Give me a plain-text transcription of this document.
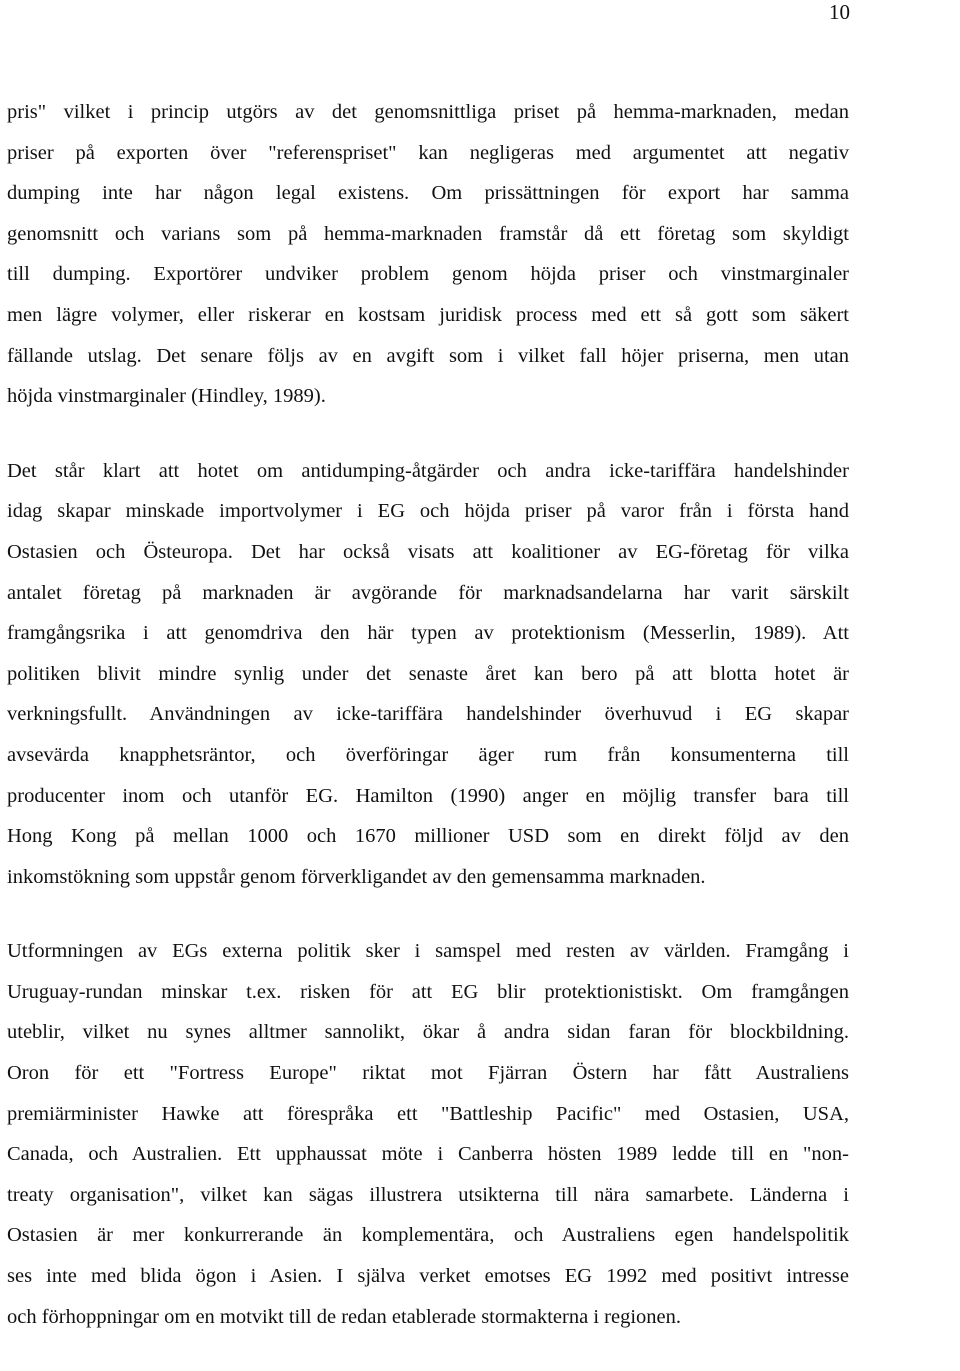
10

pris" vilket i princip utgörs av det genomsnittliga priset på hemma-marknaden, medan
priser på exporten över "referenspriset" kan negligeras med argumentet att negativ
dumping inte har någon legal existens. Om prissättningen för export har samma
genomsnitt och varians som på hemma-marknaden framstår då ett företag som skyldigt
till dumping. Exportörer undviker problem genom höjda priser och vinstmarginaler
men lägre volymer, eller riskerar en kostsam juridisk process med ett så gott som säkert
fällande utslag. Det senare följs av en avgift som i vilket fall höjer priserna, men utan
höjda vinstmarginaler (Hindley, 1989).

Det står klart att hotet om antidumping-åtgärder och andra icke-tariffära handelshinder
idag skapar minskade importvolymer i EG och höjda priser på varor från i första hand
Ostasien och Östeuropa. Det har också visats att koalitioner av EG-företag för vilka
antalet företag på marknaden är avgörande för marknadsandelarna har varit särskilt
framgångsrika i att genomdriva den här typen av protektionism (Messerlin, 1989). Att
politiken blivit mindre synlig under det senaste året kan bero på att blotta hotet är
verkningsfullt. Användningen av icke-tariffära handelshinder överhuvud i EG skapar
avsevärda knapphetsräntor, och överföringar äger rum från konsumenterna till
producenter inom och utanför EG. Hamilton (1990) anger en möjlig transfer bara till
Hong Kong på mellan 1000 och 1670 millioner USD som en direkt följd av den
inkomstökning som uppstår genom förverkligandet av den gemensamma marknaden.

Utformningen av EGs externa politik sker i samspel med resten av världen. Framgång i
Uruguay-rundan minskar t.ex. risken för att EG blir protektionistiskt. Om framgången
uteblir, vilket nu synes alltmer sannolikt, ökar å andra sidan faran för blockbildning.
Oron för ett "Fortress Europe" riktat mot Fjärran Östern har fått Australiens
premiärminister Hawke att förespråka ett "Battleship Pacific" med Ostasien, USA,
Canada, och Australien. Ett upphaussat möte i Canberra hösten 1989 ledde till en "non-
treaty organisation", vilket kan sägas illustrera utsikterna till nära samarbete. Länderna i
Ostasien är mer konkurrerande än komplementära, och Australiens egen handelspolitik
ses inte med blida ögon i Asien. I själva verket emotses EG 1992 med positivt intresse
och förhoppningar om en motvikt till de redan etablerade stormakterna i regionen.
